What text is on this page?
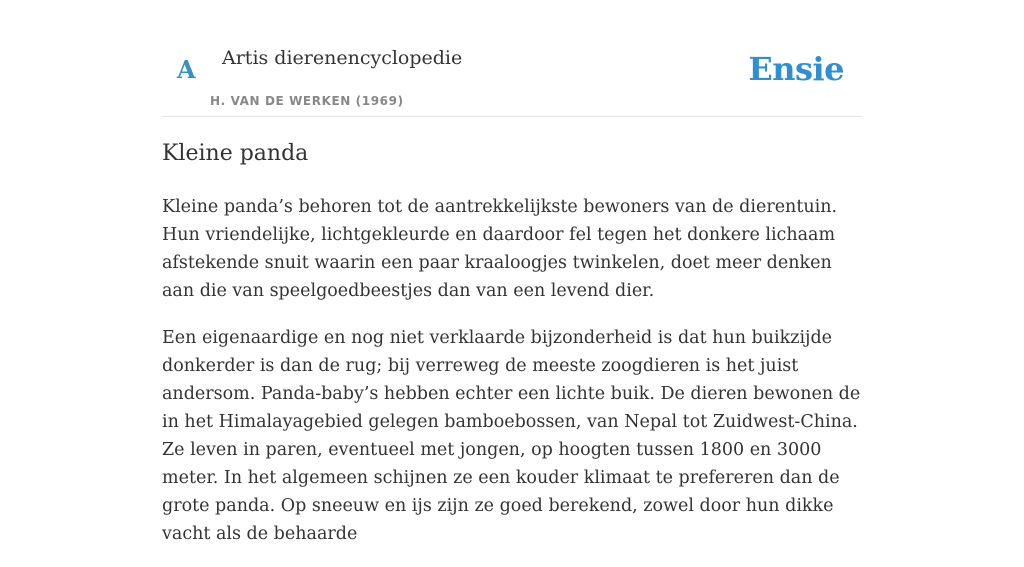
A Artis dierenencyclopedie
H. VAN DE WERKEN (1969)
Ensie
Kleine panda

Kleine panda’s behoren tot de aantrekkelijkste bewoners van de dierentuin. Hun vriendelijke, lichtgekleurde en daardoor fel tegen het donkere lichaam afstekende snuit waarin een paar kraaloogjes twinkelen, doet meer denken aan die van speelgoedbeestjes dan van een levend dier.

Een eigenaardige en nog niet verklaarde bijzonderheid is dat hun buikzijde donkerder is dan de rug; bij verreweg de meeste zoogdieren is het juist andersom. Panda-baby’s hebben echter een lichte buik. De dieren bewonen de in het Himalayagebied gelegen bamboebossen, van Nepal tot Zuidwest-China. Ze leven in paren, eventueel met jongen, op hoogten tussen 1800 en 3000 meter. In het algemeen schijnen ze een kouder klimaat te prefereren dan de grote panda. Op sneeuw en ijs zijn ze goed berekend, zowel door hun dikke vacht als de behaarde
